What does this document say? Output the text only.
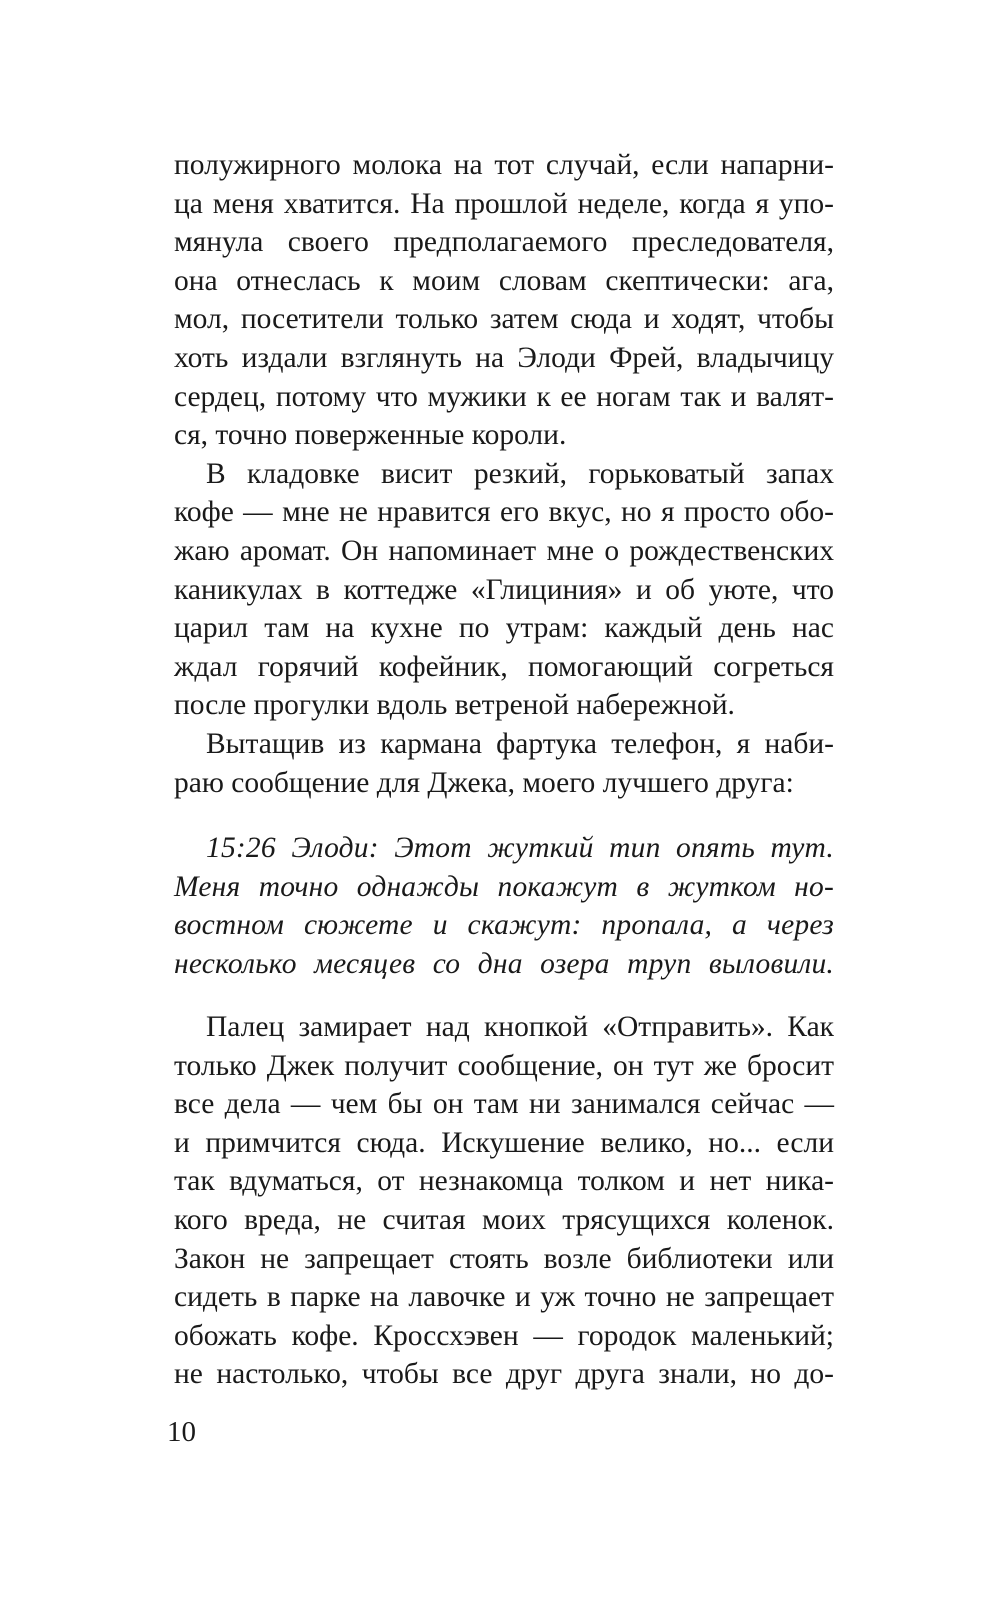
полужирного молока на тот случай, если напарни-
ца меня хватится. На прошлой неделе, когда я упо-
мянула своего предполагаемого преследователя,
она отнеслась к моим словам скептически: ага,
мол, посетители только затем сюда и ходят, чтобы
хоть издали взглянуть на Элоди Фрей, владычицу
сердец, потому что мужики к ее ногам так и валят-
ся, точно поверженные короли.
В кладовке висит резкий, горьковатый запах
кофе — мне не нравится его вкус, но я просто обо-
жаю аромат. Он напоминает мне о рождественских
каникулах в коттедже «Глициния» и об уюте, что
царил там на кухне по утрам: каждый день нас
ждал горячий кофейник, помогающий согреться
после прогулки вдоль ветреной набережной.
Вытащив из кармана фартука телефон, я наби-
раю сообщение для Джека, моего лучшего друга:
15:26 Элоди: Этот жуткий тип опять тут.
Меня точно однажды покажут в жутком но-
востном сюжете и скажут: пропала, а через
несколько месяцев со дна озера труп выловили.
Палец замирает над кнопкой «Отправить». Как
только Джек получит сообщение, он тут же бросит
все дела — чем бы он там ни занимался сейчас —
и примчится сюда. Искушение велико, но... если
так вдуматься, от незнакомца толком и нет ника-
кого вреда, не считая моих трясущихся коленок.
Закон не запрещает стоять возле библиотеки или
сидеть в парке на лавочке и уж точно не запрещает
обожать кофе. Кроссхэвен — городок маленький;
не настолько, чтобы все друг друга знали, но до-
10
